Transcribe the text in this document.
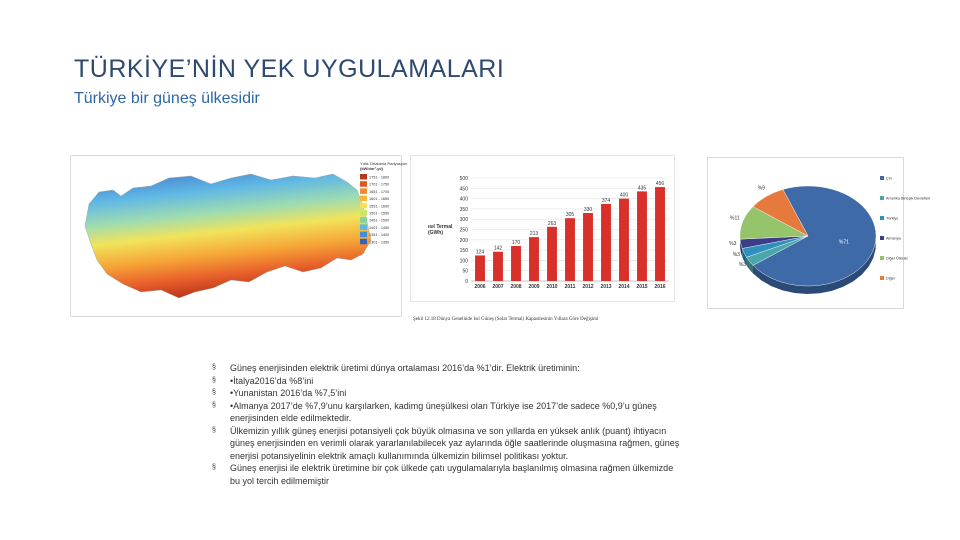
TÜRKİYE’NİN YEK UYGULAMALARI
Türkiye bir güneş ülkesidir
Yıllık Ortalama Radyasyon
(kWh/m²-yıl)
1751 - 1800
1701 - 1750
1651 - 1700
1601 - 1650
1551 - 1600
1501 - 1550
1451 - 1500
1401 - 1450
1351 - 1400
1301 - 1350
0
50
100
150
200
250
300
350
400
450
500
124
2006
142
2007
170
2008
213
2009
263
2010
305
2011
330
2012
374
2013
400
2014
435
2015
456
2016
ısıl Termal (GWh)
Şekil 12.18 Dünya Genelinde Isıl Güneş (Solar Termal) Kapasitesinin Yıllara Göre Değişimi
%71
%3
%3
%3
%11
%9
Çin
Amerika Birleşik Devletleri
Türkiye
Almanya
Diğer Ülkeler
Diğer
§ Güneş enerjisinden elektrik üretimi dünya ortalaması 2016’da %1’dir. Elektrik üretiminin:
§ •İtalya2016’da %8’ini
§ •Yunanistan 2016’da %7,5’ini
§ •Almanya 2017’de %7,9’unu karşılarken, kadimg üneşülkesi olan Türkiye ise 2017’de sadece %0,9’u güneş enerjisinden elde edilmektedir.
§ Ülkemizin yıllık güneş enerjisi potansiyeli çok büyük olmasına ve son yıllarda en yüksek anlık (puant) ihtiyacın güneş enerjisinden en verimli olarak yararlanılabilecek yaz aylarında öğle saatlerinde oluşmasına rağmen, güneş enerjisi potansiyelinin elektrik amaçlı kullanımında ülkemizin bilimsel politikası yoktur.
§ Güneş enerjisi ile elektrik üretimine bir çok ülkede çatı uygulamalarıyla başlanılmış olmasına rağmen ülkemizde bu yol tercih edilmemiştir
